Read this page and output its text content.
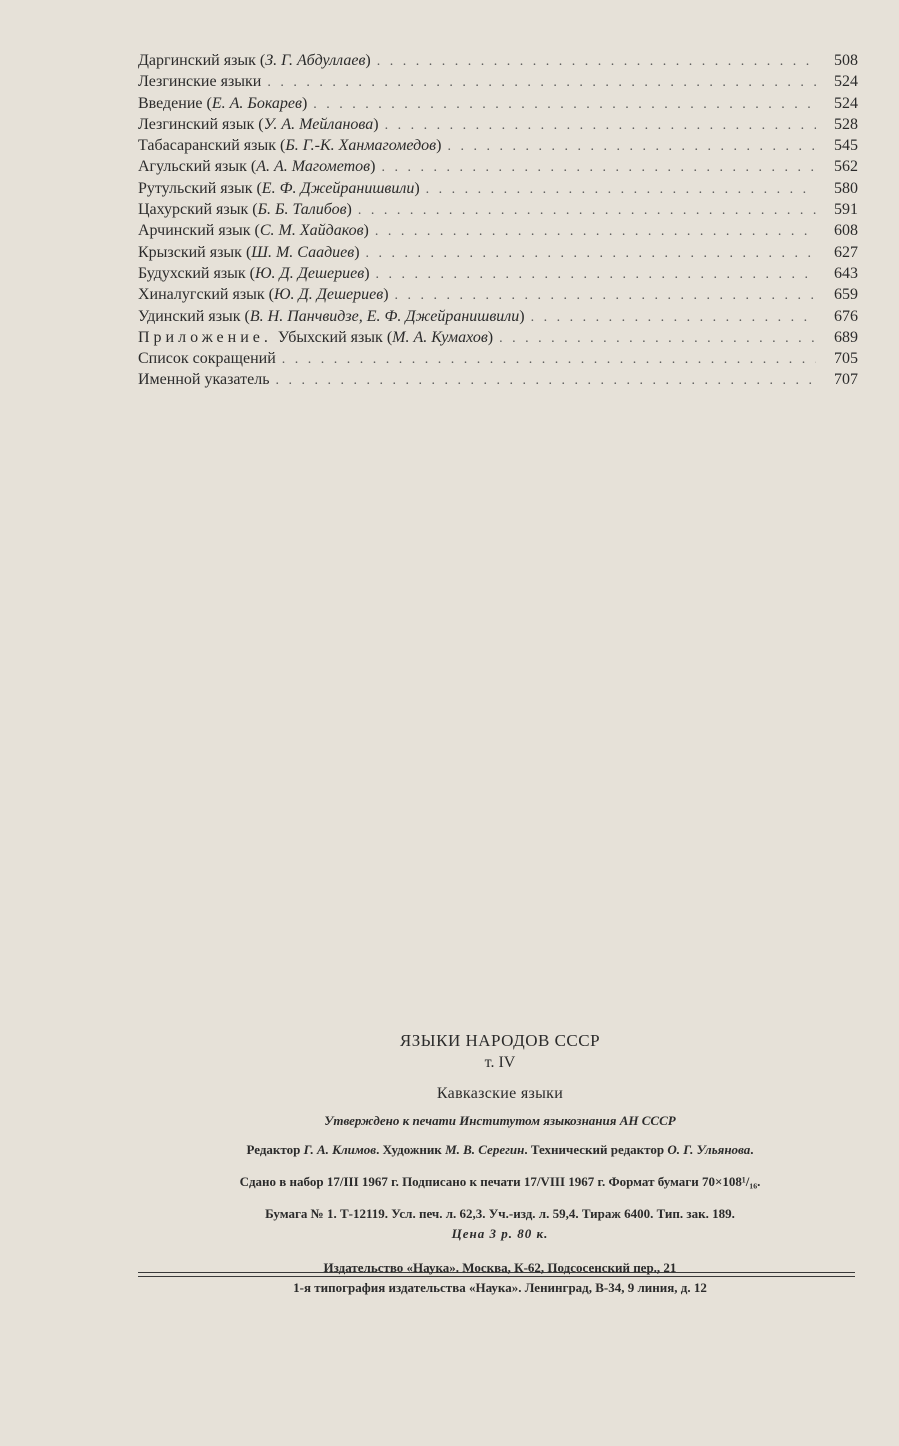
Даргинский язык (З. Г. Абдуллаев) . . .	508
Лезгинские языки . . .	524
Введение (Е. А. Бокарев) . . .	524
Лезгинский язык (У. А. Мейланова) . . .	528
Табасаранский язык (Б. Г.-К. Ханмагомедов) . . .	545
Агульский язык (А. А. Магометов) . . .	562
Рутульский язык (Е. Ф. Джейранишвили) . . .	580
Цахурский язык (Б. Б. Талибов) . . .	591
Арчинский язык (С. М. Хайдаков) . . .	608
Крызский язык (Ш. М. Саадиев) . . .	627
Будухский язык (Ю. Д. Дешериев) . . .	643
Хиналугский язык (Ю. Д. Дешериев) . . .	659
Удинский язык (В. Н. Панчвидзе, Е. Ф. Джейранишвили) . . .	676
Приложение. Убыхский язык (М. А. Кумахов) . . .	689
Список сокращений . . .	705
Именной указатель . . .	707
ЯЗЫКИ НАРОДОВ СССР
т. IV
Кавказские языки
Утверждено к печати Институтом языкознания АН СССР
Редактор Г. А. Климов. Художник М. В. Серегин. Технический редактор О. Г. Ульянова.
Сдано в набор 17/III 1967 г. Подписано к печати 17/VIII 1967 г. Формат бумаги 70×108¹/₁₆.
Бумага № 1. Т-12119. Усл. печ. л. 62,3. Уч.-изд. л. 59,4. Тираж 6400. Тип. зак. 189.
Цена 3 р. 80 к.
Издательство «Наука». Москва, К-62, Подсосенский пер., 21
1-я типография издательства «Наука». Ленинград, В-34, 9 линия, д. 12
